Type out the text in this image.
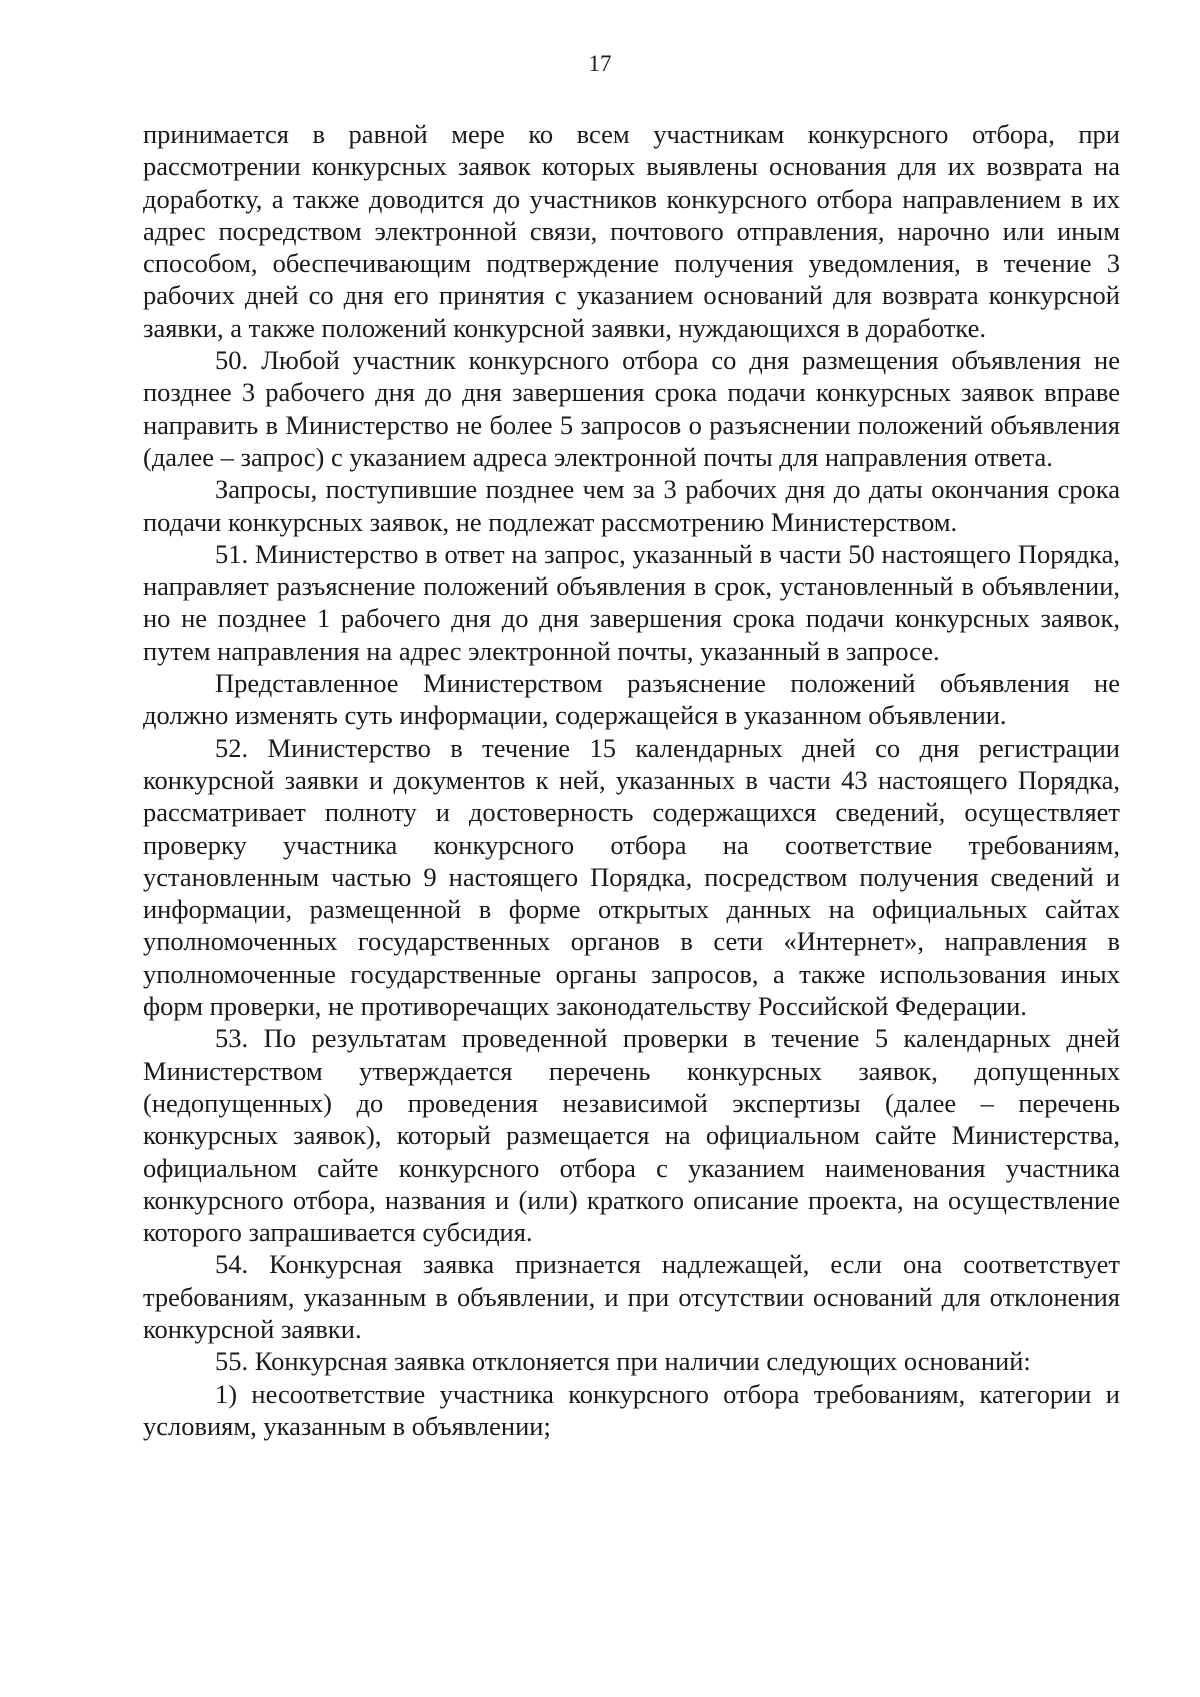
17

принимается в равной мере ко всем участникам конкурсного отбора, при рассмотрении конкурсных заявок которых выявлены основания для их возврата на доработку, а также доводится до участников конкурсного отбора направлением в их адрес посредством электронной связи, почтового отправления, нарочно или иным способом, обеспечивающим подтверждение получения уведомления, в течение 3 рабочих дней со дня его принятия с указанием оснований для возврата конкурсной заявки, а также положений конкурсной заявки, нуждающихся в доработке.

50. Любой участник конкурсного отбора со дня размещения объявления не позднее 3 рабочего дня до дня завершения срока подачи конкурсных заявок вправе направить в Министерство не более 5 запросов о разъяснении положений объявления (далее – запрос) с указанием адреса электронной почты для направления ответа.

Запросы, поступившие позднее чем за 3 рабочих дня до даты окончания срока подачи конкурсных заявок, не подлежат рассмотрению Министерством.

51. Министерство в ответ на запрос, указанный в части 50 настоящего Порядка, направляет разъяснение положений объявления в срок, установленный в объявлении, но не позднее 1 рабочего дня до дня завершения срока подачи конкурсных заявок, путем направления на адрес электронной почты, указанный в запросе.

Представленное Министерством разъяснение положений объявления не должно изменять суть информации, содержащейся в указанном объявлении.

52. Министерство в течение 15 календарных дней со дня регистрации конкурсной заявки и документов к ней, указанных в части 43 настоящего Порядка, рассматривает полноту и достоверность содержащихся сведений, осуществляет проверку участника конкурсного отбора на соответствие требованиям, установленным частью 9 настоящего Порядка, посредством получения сведений и информации, размещенной в форме открытых данных на официальных сайтах уполномоченных государственных органов в сети «Интернет», направления в уполномоченные государственные органы запросов, а также использования иных форм проверки, не противоречащих законодательству Российской Федерации.

53. По результатам проведенной проверки в течение 5 календарных дней Министерством утверждается перечень конкурсных заявок, допущенных (недопущенных) до проведения независимой экспертизы (далее – перечень конкурсных заявок), который размещается на официальном сайте Министерства, официальном сайте конкурсного отбора с указанием наименования участника конкурсного отбора, названия и (или) краткого описание проекта, на осуществление которого запрашивается субсидия.

54. Конкурсная заявка признается надлежащей, если она соответствует требованиям, указанным в объявлении, и при отсутствии оснований для отклонения конкурсной заявки.

55. Конкурсная заявка отклоняется при наличии следующих оснований:

1) несоответствие участника конкурсного отбора требованиям, категории и условиям, указанным в объявлении;
